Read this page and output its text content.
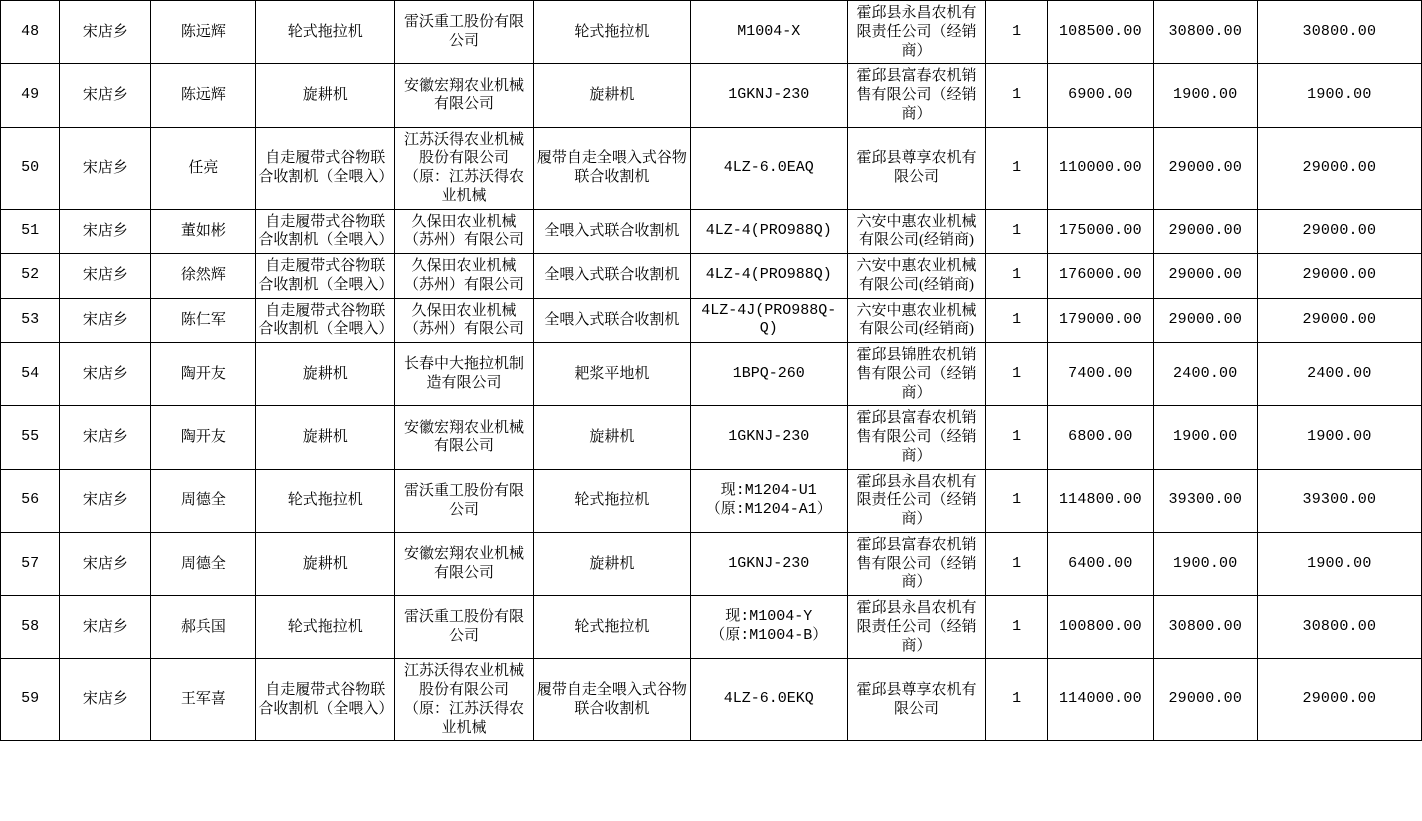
48	宋店乡	陈远辉	轮式拖拉机	雷沃重工股份有限公司	轮式拖拉机	M1004-X	霍邱县永昌农机有限责任公司（经销商）	1	108500.00	30800.00	30800.00
49	宋店乡	陈远辉	旋耕机	安徽宏翔农业机械有限公司	旋耕机	1GKNJ-230	霍邱县富春农机销售有限公司（经销商）	1	6900.00	1900.00	1900.00
50	宋店乡	任亮	自走履带式谷物联合收割机（全喂入）	江苏沃得农业机械股份有限公司（原：江苏沃得农业机械	履带自走全喂入式谷物联合收割机	4LZ-6.0EAQ	霍邱县尊享农机有限公司	1	110000.00	29000.00	29000.00
51	宋店乡	董如彬	自走履带式谷物联合收割机（全喂入）	久保田农业机械（苏州）有限公司	全喂入式联合收割机	4LZ-4(PRO988Q)	六安中惠农业机械有限公司(经销商)	1	175000.00	29000.00	29000.00
52	宋店乡	徐然辉	自走履带式谷物联合收割机（全喂入）	久保田农业机械（苏州）有限公司	全喂入式联合收割机	4LZ-4(PRO988Q)	六安中惠农业机械有限公司(经销商)	1	176000.00	29000.00	29000.00
53	宋店乡	陈仁军	自走履带式谷物联合收割机（全喂入）	久保田农业机械（苏州）有限公司	全喂入式联合收割机	4LZ-4J(PRO988Q-Q)	六安中惠农业机械有限公司(经销商)	1	179000.00	29000.00	29000.00
54	宋店乡	陶开友	旋耕机	长春中大拖拉机制造有限公司	耙浆平地机	1BPQ-260	霍邱县锦胜农机销售有限公司（经销商）	1	7400.00	2400.00	2400.00
55	宋店乡	陶开友	旋耕机	安徽宏翔农业机械有限公司	旋耕机	1GKNJ-230	霍邱县富春农机销售有限公司（经销商）	1	6800.00	1900.00	1900.00
56	宋店乡	周德全	轮式拖拉机	雷沃重工股份有限公司	轮式拖拉机	现:M1204-U1（原:M1204-A1）	霍邱县永昌农机有限责任公司（经销商）	1	114800.00	39300.00	39300.00
57	宋店乡	周德全	旋耕机	安徽宏翔农业机械有限公司	旋耕机	1GKNJ-230	霍邱县富春农机销售有限公司（经销商）	1	6400.00	1900.00	1900.00
58	宋店乡	郝兵国	轮式拖拉机	雷沃重工股份有限公司	轮式拖拉机	现:M1004-Y（原:M1004-B）	霍邱县永昌农机有限责任公司（经销商）	1	100800.00	30800.00	30800.00
59	宋店乡	王军喜	自走履带式谷物联合收割机（全喂入）	江苏沃得农业机械股份有限公司（原：江苏沃得农业机械	履带自走全喂入式谷物联合收割机	4LZ-6.0EKQ	霍邱县尊享农机有限公司	1	114000.00	29000.00	29000.00
